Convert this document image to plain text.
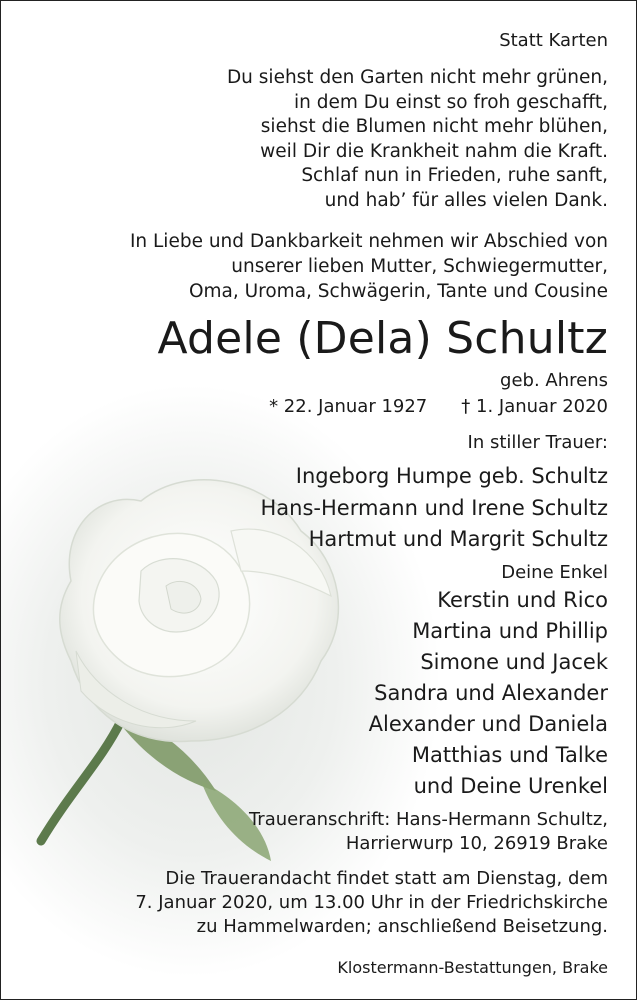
Statt Karten
Du siehst den Garten nicht mehr grünen,
in dem Du einst so froh geschafft,
siehst die Blumen nicht mehr blühen,
weil Dir die Krankheit nahm die Kraft.
Schlaf nun in Frieden, ruhe sanft,
und hab’ für alles vielen Dank.
In Liebe und Dankbarkeit nehmen wir Abschied von
unserer lieben Mutter, Schwiegermutter,
Oma, Uroma, Schwägerin, Tante und Cousine
Adele (Dela) Schultz
geb. Ahrens
* 22. Januar 1927 † 1. Januar 2020
In stiller Trauer:
Ingeborg Humpe geb. Schultz
Hans-Hermann und Irene Schultz
Hartmut und Margrit Schultz
Deine Enkel
Kerstin und Rico
Martina und Phillip
Simone und Jacek
Sandra und Alexander
Alexander und Daniela
Matthias und Talke
und Deine Urenkel
Traueranschrift: Hans-Hermann Schultz,
Harrierwurp 10, 26919 Brake
Die Trauerandacht findet statt am Dienstag, dem
7. Januar 2020, um 13.00 Uhr in der Friedrichskirche
zu Hammelwarden; anschließend Beisetzung.
Klostermann-Bestattungen, Brake
